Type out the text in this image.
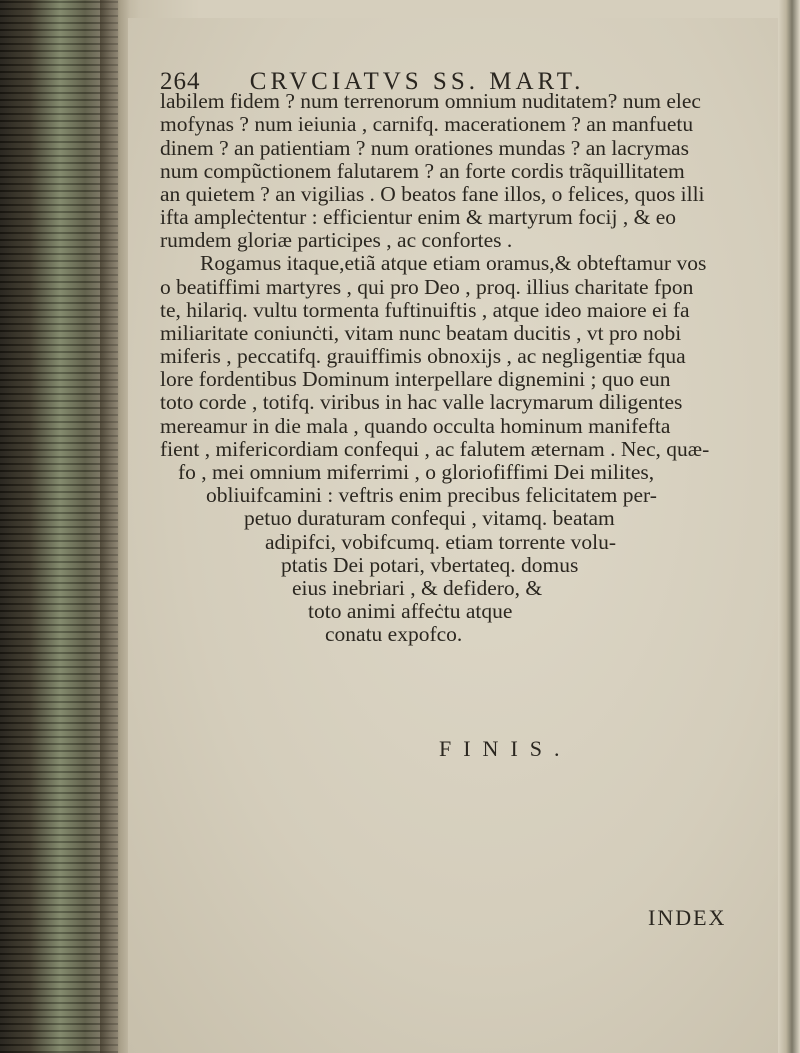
264 CRVCIATVS SS. MART.
labilem fidem ? num terrenorum omnium nuditatem? num elec
mofynas ? num ieiunia , carnifq. macerationem ? an manfuetu
dinem ? an patientiam ? num orationes mundas ? an lacrymas
num compũctionem falutarem ? an forte cordis trãquillitatem
an quietem ? an vigilias . O beatos fane illos, o felices, quos illi
ifta ampleċtentur : efficientur enim & martyrum focij , & eo
rumdem gloriæ participes , ac confortes .
Rogamus itaque,etiã atque etiam oramus,& obteftamur vos
o beatiffimi martyres , qui pro Deo , proq. illius charitate fpon
te, hilariq. vultu tormenta fuftinuiftis , atque ideo maiore ei fa
miliaritate coniunċti, vitam nunc beatam ducitis , vt pro nobi
miferis , peccatifq. grauiffimis obnoxijs , ac negligentiæ fqua
lore fordentibus Dominum interpellare dignemini ; quo eun
toto corde , totifq. viribus in hac valle lacrymarum diligentes
mereamur in die mala , quando occulta hominum manifefta
fient , mifericordiam confequi , ac falutem æternam . Nec, quæ-
fo , mei omnium miferrimi , o gloriofiffimi Dei milites,
obliuifcamini : veftris enim precibus felicitatem per-
petuo duraturam confequi , vitamq. beatam
adipifci, vobifcumq. etiam torrente volu-
ptatis Dei potari, vbertateq. domus
eius inebriari , & defidero, &
toto animi affeċtu atque
conatu expofco.
FINIS.
INDEX
